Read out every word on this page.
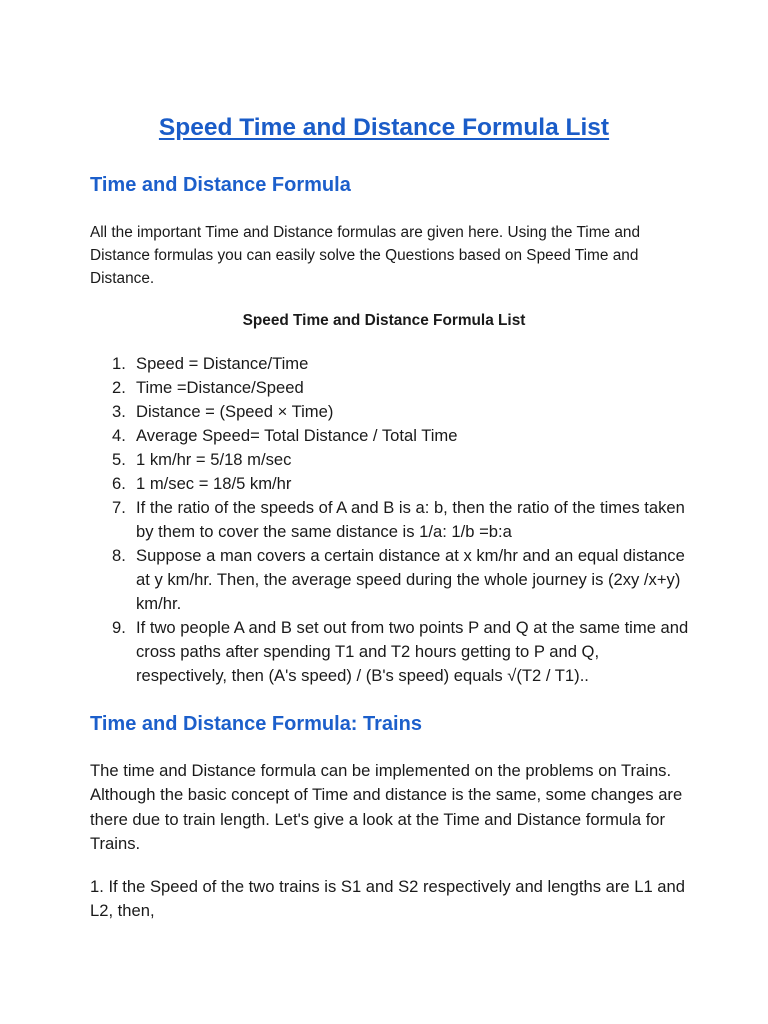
Speed Time and Distance Formula List
Time and Distance Formula

All the important Time and Distance formulas are given here. Using the Time and Distance formulas you can easily solve the Questions based on Speed Time and Distance.

Speed Time and Distance Formula List

1. Speed = Distance/Time
2. Time =Distance/Speed
3. Distance = (Speed × Time)
4. Average Speed= Total Distance / Total Time
5. 1 km/hr = 5/18 m/sec
6. 1 m/sec = 18/5 km/hr
7. If the ratio of the speeds of A and B is a: b, then the ratio of the times taken by them to cover the same distance is 1/a: 1/b =b:a
8. Suppose a man covers a certain distance at x km/hr and an equal distance at y km/hr. Then, the average speed during the whole journey is (2xy /x+y) km/hr.
9. If two people A and B set out from two points P and Q at the same time and cross paths after spending T1 and T2 hours getting to P and Q, respectively, then (A's speed) / (B's speed) equals √(T2 / T1)..
Time and Distance Formula: Trains

The time and Distance formula can be implemented on the problems on Trains. Although the basic concept of Time and distance is the same, some changes are there due to train length. Let's give a look at the Time and Distance formula for Trains.

1. If the Speed of the two trains is S1 and S2 respectively and lengths are L1 and L2, then,
